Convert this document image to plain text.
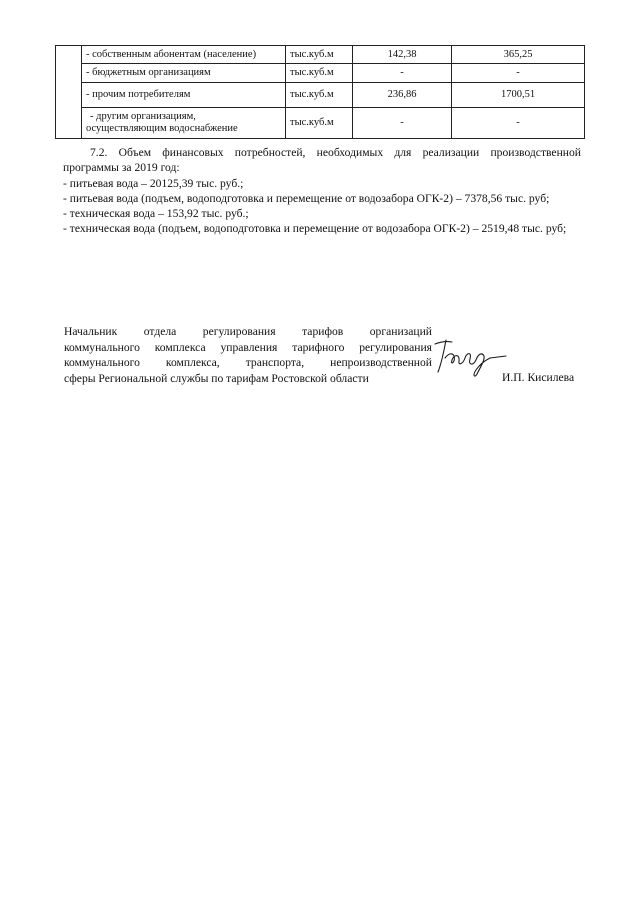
	- собственным абонентам (население)	тыс.куб.м	142,38	365,25
	- бюджетным организациям	тыс.куб.м	-	-
	- прочим потребителям	тыс.куб.м	236,86	1700,51

	- другим организациям,
осуществляющим водоснабжение	тыс.куб.м	-	-

7.2. Объем финансовых потребностей, необходимых для реализации производственной программы за 2019 год:

- питьевая вода – 20125,39 тыс. руб.;

- питьевая вода (подъем, водоподготовка и перемещение от водозабора ОГК-2) – 7378,56 тыс. руб;

- техническая вода – 153,92 тыс. руб.;

- техническая вода (подъем, водоподготовка и перемещение от водозабора ОГК-2) – 2519,48 тыс. руб;

Начальник отдела регулирования тарифов организаций
коммунального комплекса управления тарифного регулирования
коммунального комплекса, транспорта, непроизводственной
сферы Региональной службы по тарифам Ростовской области	И.П. Кисилева
